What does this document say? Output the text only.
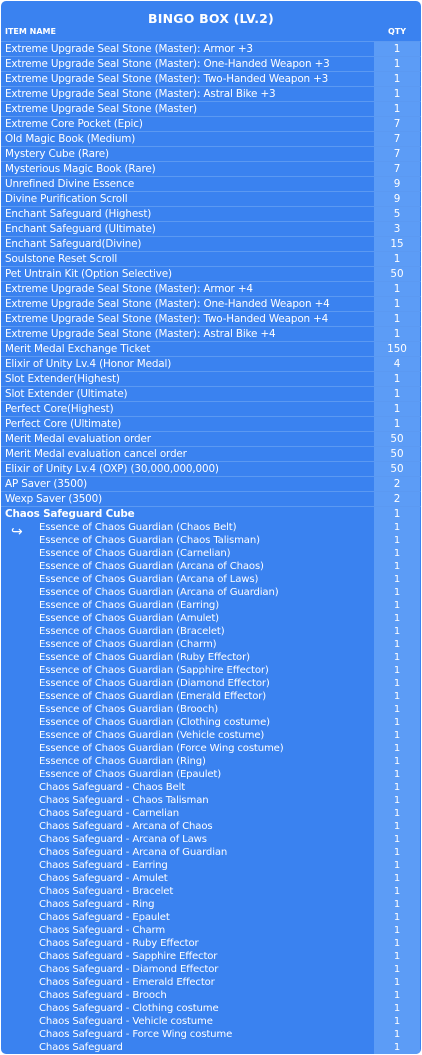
BINGO BOX (LV.2)
ITEM NAME	QTY
Extreme Upgrade Seal Stone (Master): Armor +3	1
Extreme Upgrade Seal Stone (Master): One-Handed Weapon +3	1
Extreme Upgrade Seal Stone (Master): Two-Handed Weapon +3	1
Extreme Upgrade Seal Stone (Master): Astral Bike +3	1
Extreme Upgrade Seal Stone (Master)	1
Extreme Core Pocket (Epic)	7
Old Magic Book (Medium)	7
Mystery Cube (Rare)	7
Mysterious Magic Book (Rare)	7
Unrefined Divine Essence	9
Divine Purification Scroll	9
Enchant Safeguard (Highest)	5
Enchant Safeguard (Ultimate)	3
Enchant Safeguard(Divine)	15
Soulstone Reset Scroll	1
Pet Untrain Kit (Option Selective)	50
Extreme Upgrade Seal Stone (Master): Armor +4	1
Extreme Upgrade Seal Stone (Master): One-Handed Weapon +4	1
Extreme Upgrade Seal Stone (Master): Two-Handed Weapon +4	1
Extreme Upgrade Seal Stone (Master): Astral Bike +4	1
Merit Medal Exchange Ticket	150
Elixir of Unity Lv.4 (Honor Medal)	4
Slot Extender(Highest)	1
Slot Extender (Ultimate)	1
Perfect Core(Highest)	1
Perfect Core (Ultimate)	1
Merit Medal evaluation order	50
Merit Medal evaluation cancel order	50
Elixir of Unity Lv.4 (OXP) (30,000,000,000)	50
AP Saver (3500)	2
Wexp Saver (3500)	2
Chaos Safeguard Cube	1
↪ Essence of Chaos Guardian (Chaos Belt)	1
Essence of Chaos Guardian (Chaos Talisman)	1
Essence of Chaos Guardian (Carnelian)	1
Essence of Chaos Guardian (Arcana of Chaos)	1
Essence of Chaos Guardian (Arcana of Laws)	1
Essence of Chaos Guardian (Arcana of Guardian)	1
Essence of Chaos Guardian (Earring)	1
Essence of Chaos Guardian (Amulet)	1
Essence of Chaos Guardian (Bracelet)	1
Essence of Chaos Guardian (Charm)	1
Essence of Chaos Guardian (Ruby Effector)	1
Essence of Chaos Guardian (Sapphire Effector)	1
Essence of Chaos Guardian (Diamond Effector)	1
Essence of Chaos Guardian (Emerald Effector)	1
Essence of Chaos Guardian (Brooch)	1
Essence of Chaos Guardian (Clothing costume)	1
Essence of Chaos Guardian (Vehicle costume)	1
Essence of Chaos Guardian (Force Wing costume)	1
Essence of Chaos Guardian (Ring)	1
Essence of Chaos Guardian (Epaulet)	1
Chaos Safeguard - Chaos Belt	1
Chaos Safeguard - Chaos Talisman	1
Chaos Safeguard - Carnelian	1
Chaos Safeguard - Arcana of Chaos	1
Chaos Safeguard - Arcana of Laws	1
Chaos Safeguard - Arcana of Guardian	1
Chaos Safeguard - Earring	1
Chaos Safeguard - Amulet	1
Chaos Safeguard - Bracelet	1
Chaos Safeguard - Ring	1
Chaos Safeguard - Epaulet	1
Chaos Safeguard - Charm	1
Chaos Safeguard - Ruby Effector	1
Chaos Safeguard - Sapphire Effector	1
Chaos Safeguard - Diamond Effector	1
Chaos Safeguard - Emerald Effector	1
Chaos Safeguard - Brooch	1
Chaos Safeguard - Clothing costume	1
Chaos Safeguard - Vehicle costume	1
Chaos Safeguard - Force Wing costume	1
Chaos Safeguard	1
